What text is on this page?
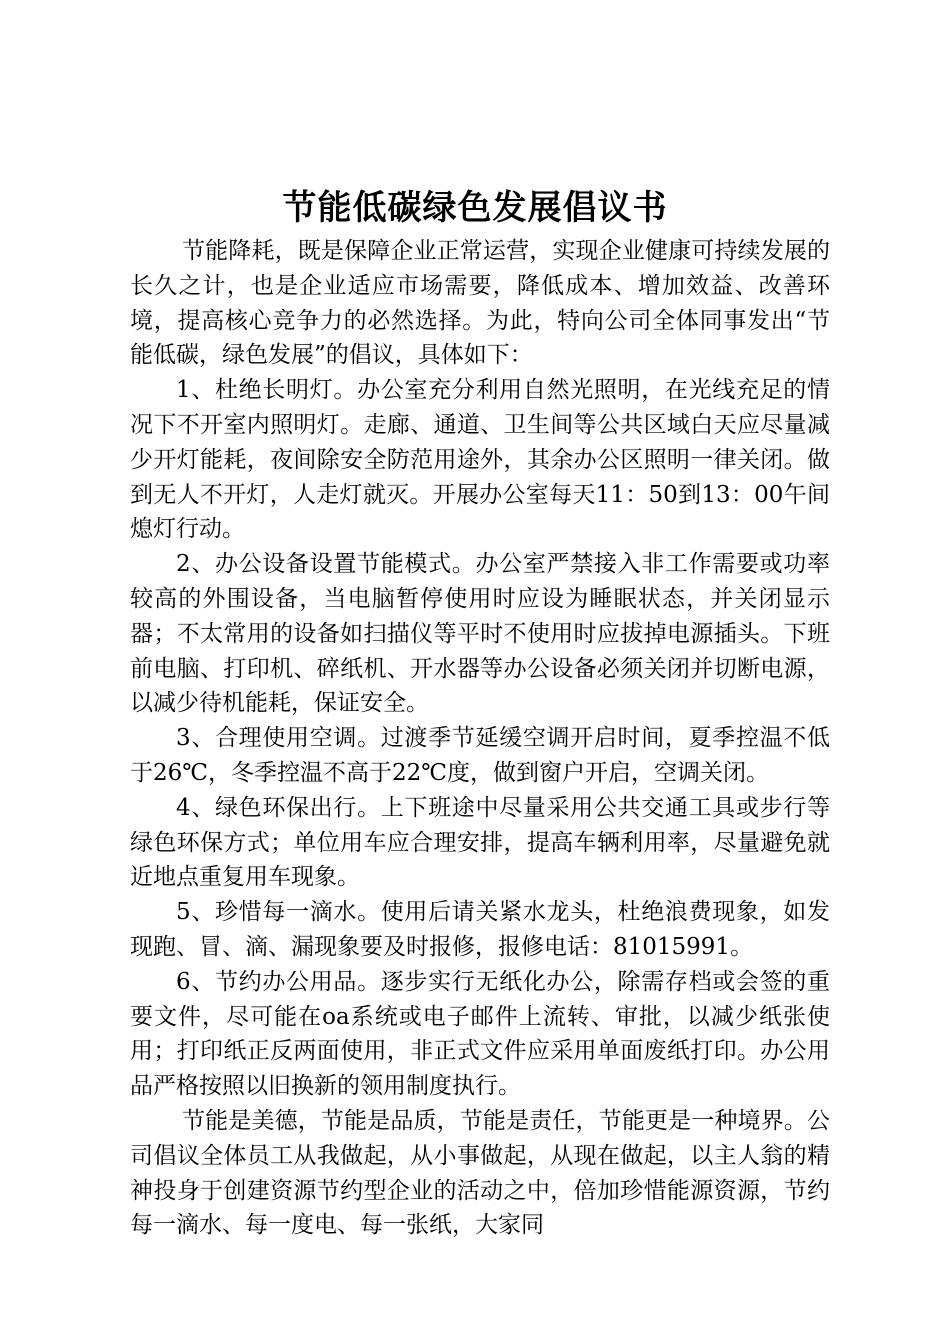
节能低碳绿色发展倡议书

节能降耗，既是保障企业正常运营，实现企业健康可持续发展的长久之计，也是企业适应市场需要，降低成本、增加效益、改善环境，提高核心竞争力的必然选择。为此，特向公司全体同事发出“节能低碳，绿色发展”的倡议，具体如下：

1、杜绝长明灯。办公室充分利用自然光照明，在光线充足的情况下不开室内照明灯。走廊、通道、卫生间等公共区域白天应尽量减少开灯能耗，夜间除安全防范用途外，其余办公区照明一律关闭。做到无人不开灯，人走灯就灭。开展办公室每天11：50到13：00午间熄灯行动。

2、办公设备设置节能模式。办公室严禁接入非工作需要或功率较高的外围设备，当电脑暂停使用时应设为睡眠状态，并关闭显示器；不太常用的设备如扫描仪等平时不使用时应拔掉电源插头。下班前电脑、打印机、碎纸机、开水器等办公设备必须关闭并切断电源，以减少待机能耗，保证安全。

3、合理使用空调。过渡季节延缓空调开启时间，夏季控温不低于26℃，冬季控温不高于22℃度，做到窗户开启，空调关闭。

4、绿色环保出行。上下班途中尽量采用公共交通工具或步行等绿色环保方式；单位用车应合理安排，提高车辆利用率，尽量避免就近地点重复用车现象。

5、珍惜每一滴水。使用后请关紧水龙头，杜绝浪费现象，如发现跑、冒、滴、漏现象要及时报修，报修电话：81015991。

6、节约办公用品。逐步实行无纸化办公，除需存档或会签的重要文件，尽可能在oa系统或电子邮件上流转、审批，以减少纸张使用；打印纸正反两面使用，非正式文件应采用单面废纸打印。办公用品严格按照以旧换新的领用制度执行。

节能是美德，节能是品质，节能是责任，节能更是一种境界。公司倡议全体员工从我做起，从小事做起，从现在做起，以主人翁的精神投身于创建资源节约型企业的活动之中，倍加珍惜能源资源，节约每一滴水、每一度电、每一张纸，大家同
